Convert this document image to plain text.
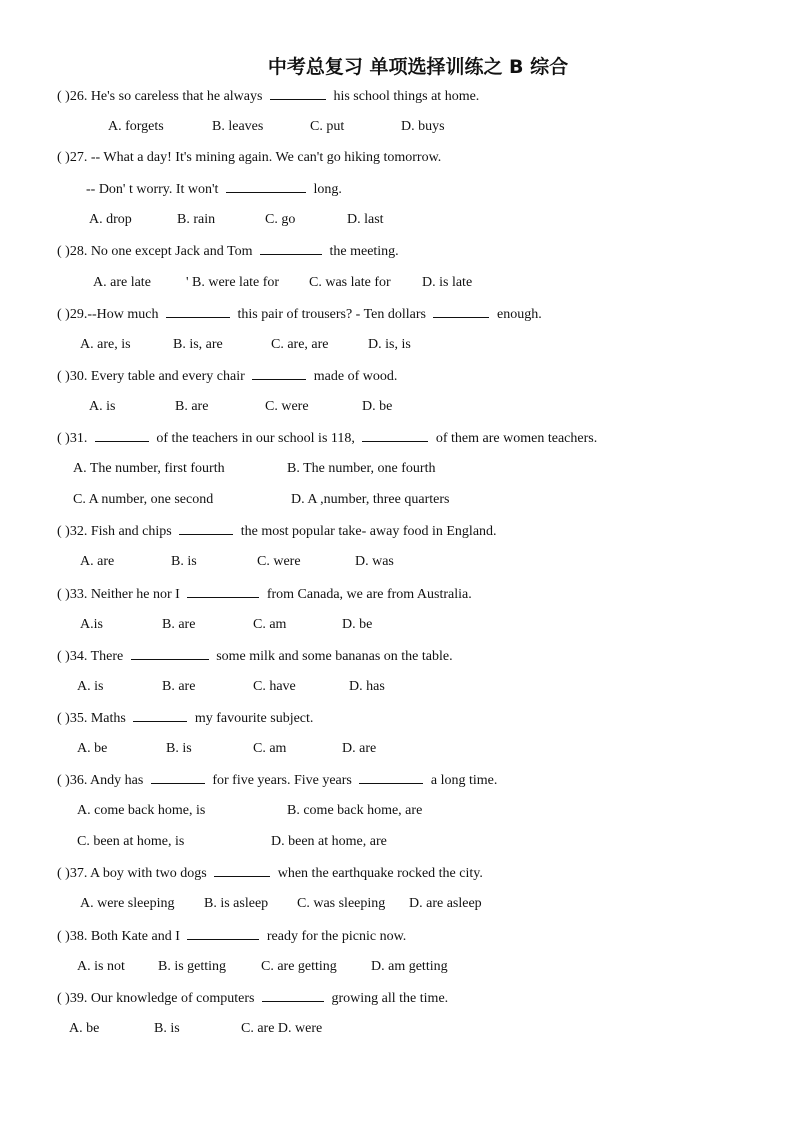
中考总复习 单项选择训练之 B 综合
( )26. He's so careless that he always	his school things at home.
A. forgets	B. leaves	C. put	D. buys
( )27. -- What a day! It's mining again. We can't go hiking tomorrow.
-- Don' t worry. It won't	long.
A. drop	B. rain	C. go	D. last
( )28. No one except Jack and Tom	the meeting.
A. are late	' B. were late for C. was late for D. is late
( )29.--How much	this pair of trousers? - Ten dollars	enough.
A. are, is	B. is, are	C. are, are	D. is, is
( )30. Every table and every chair	made of wood.
A. is	B. are	C. were	D. be
( )31.	of the teachers in our school is 118,	of them are women teachers.
A. The number, first fourth	B. The number, one fourth
C. A number, one second	D. A ,number, three quarters
( )32. Fish and chips	the most popular take- away food in England.
A. are	B. is	C. were	D. was
( )33. Neither he nor I	from Canada, we are from Australia.
A.is	B. are	C. am	D. be
( )34. There	some milk and some bananas on the table.
A. is	B. are	C. have	D. has
( )35. Maths	my favourite subject.
A. be	B. is	C. am	D. are
( )36. Andy has	for five years. Five years	a long time.
A. come back home, is	B. come back home, are
C. been at home, is	D. been at home, are
( )37. A boy with two dogs	when the earthquake rocked the city.
A. were sleeping B. is asleep C. was sleeping D. are asleep
( )38. Both Kate and I	ready for the picnic now.
A. is not B. is getting C. are getting D. am getting
( )39. Our knowledge of computers	growing all the time.
A. be	B. is	C. are D. were
